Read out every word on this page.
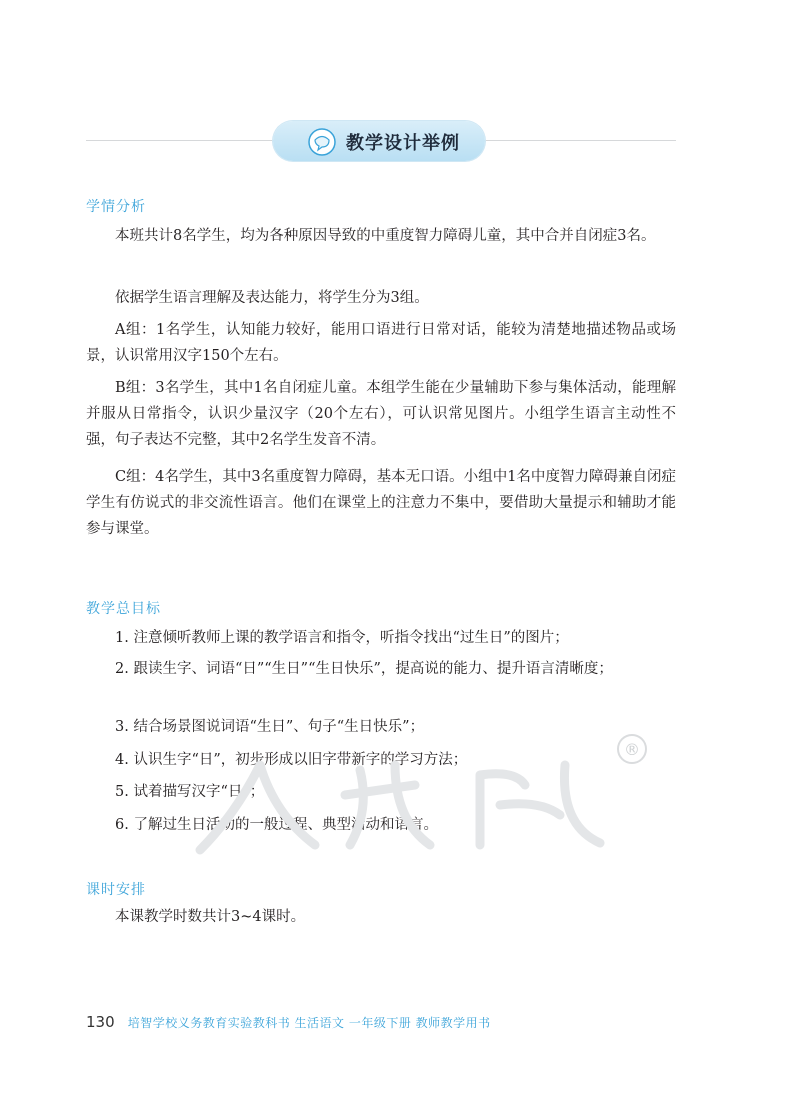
教学设计举例
学情分析

本班共计8名学生，均为各种原因导致的中重度智力障碍儿童，其中合并自闭症3名。

依据学生语言理解及表达能力，将学生分为3组。

A组：1名学生，认知能力较好，能用口语进行日常对话，能较为清楚地描述物品或场景，认识常用汉字150个左右。

B组：3名学生，其中1名自闭症儿童。本组学生能在少量辅助下参与集体活动，能理解并服从日常指令，认识少量汉字（20个左右），可认识常见图片。小组学生语言主动性不强，句子表达不完整，其中2名学生发音不清。

C组：4名学生，其中3名重度智力障碍，基本无口语。小组中1名中度智力障碍兼自闭症学生有仿说式的非交流性语言。他们在课堂上的注意力不集中，要借助大量提示和辅助才能参与课堂。

教学总目标

1. 注意倾听教师上课的教学语言和指令，听指令找出“过生日”的图片；

2. 跟读生字、词语“日”“生日”“生日快乐”，提高说的能力、提升语言清晰度；

3. 结合场景图说词语“生日”、句子“生日快乐”；

4. 认识生字“日”，初步形成以旧字带新字的学习方法；

5. 试着描写汉字“日”；

6. 了解过生日活动的一般过程、典型活动和语言。

®
课时安排

本课教学时数共计3~4课时。

130 培智学校义务教育实验教科书 生活语文 一年级下册 教师教学用书
